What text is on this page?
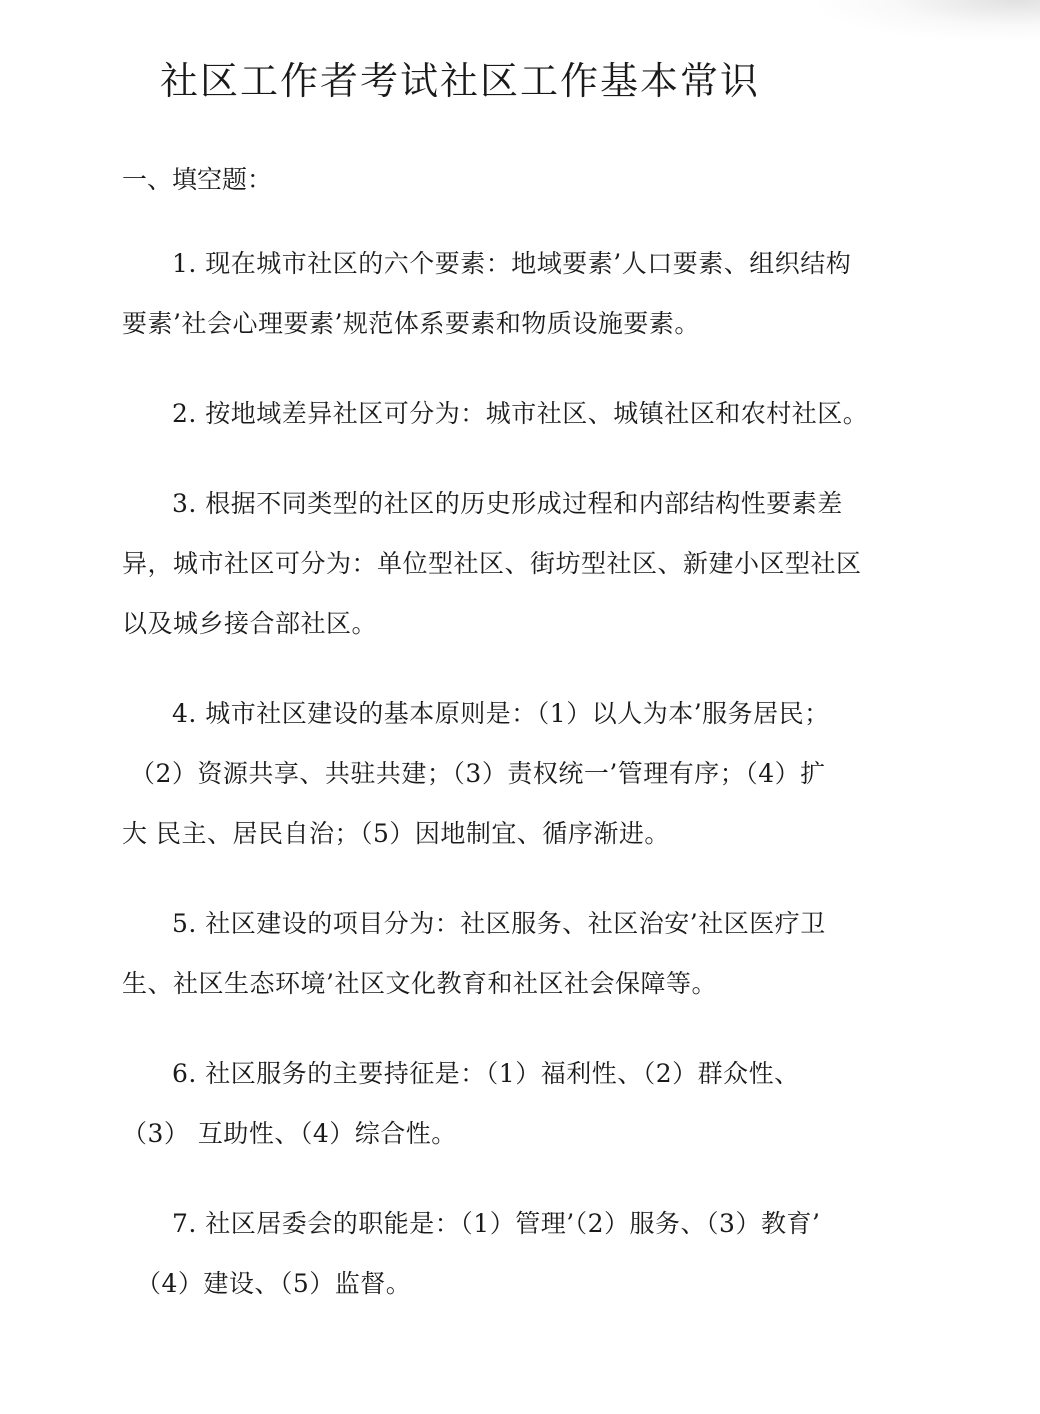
社区工作者考试社区工作基本常识
一、填空题：
1. 现在城市社区的六个要素：地域要素’人口要素、组织结构
要素’社会心理要素’规范体系要素和物质设施要素。
2. 按地域差异社区可分为：城市社区、城镇社区和农村社区。
3. 根据不同类型的社区的历史形成过程和内部结构性要素差
异，城市社区可分为：单位型社区、街坊型社区、新建小区型社区
以及城乡接合部社区。
4. 城市社区建设的基本原则是：（1）以人为本’服务居民；
（2）资源共享、共驻共建；（3）责权统一’管理有序；（4）扩
大 民主、居民自治；（5）因地制宜、循序渐进。
5. 社区建设的项目分为：社区服务、社区治安’社区医疗卫
生、社区生态环境’社区文化教育和社区社会保障等。
6. 社区服务的主要持征是：（1）福利性、（2）群众性、
（3） 互助性、（4）综合性。
7. 社区居委会的职能是：（1）管理’（2）服务、（3）教育’
（4）建设、（5）监督。
